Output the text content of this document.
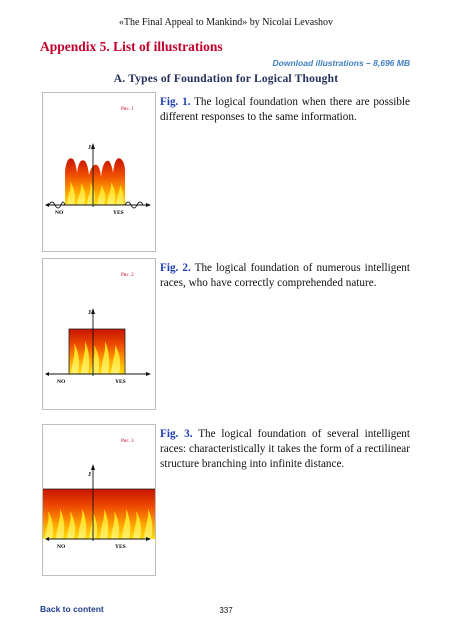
«The Final Appeal to Mankind» by Nicolai Levashov
Appendix 5. List of illustrations
Download illustrations – 8,696 MB
A. Types of Foundation for Logical Thought
Рис. 1
J
NO	YES
Fig. 1. The logical foundation when there are possible different responses to the same information.
Рис. 2
J
NO	YES
Fig. 2. The logical foundation of numerous intelligent races, who have correctly comprehended nature.
Рис. 3
J
NO	YES
Fig. 3. The logical foundation of several intelligent races: characteristically it takes the form of a rectilinear structure branching into infinite distance.
Back to content	337
